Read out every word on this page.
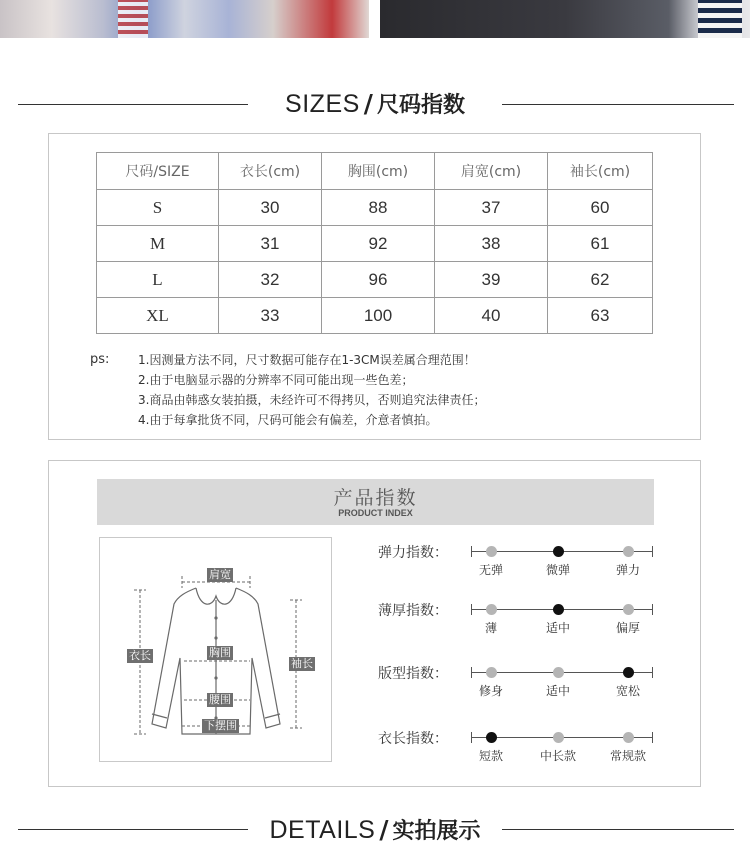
SIZES / 尺码指数
尺码/SIZE	衣长(cm)	胸围(cm)	肩宽(cm)	袖长(cm)
S	30	88	37	60
M	31	92	38	61
L	32	96	39	62
XL	33	100	40	63
ps: 1.因测量方法不同，尺寸数据可能存在1-3CM误差属合理范围！
2.由于电脑显示器的分辨率不同可能出现一些色差；
3.商品由韩惑女装拍摄，未经许可不得拷贝，否则追究法律责任；
4.由于每拿批货不同，尺码可能会有偏差，介意者慎拍。
产品指数
PRODUCT INDEX
肩宽
衣长	胸围
袖长
腰围
下摆围
弹力指数：
无弹	微弹	弹力
薄厚指数：
薄	适中	偏厚
版型指数：
修身	适中	宽松
衣长指数：
短款	中长款	常规款
DETAILS / 实拍展示
